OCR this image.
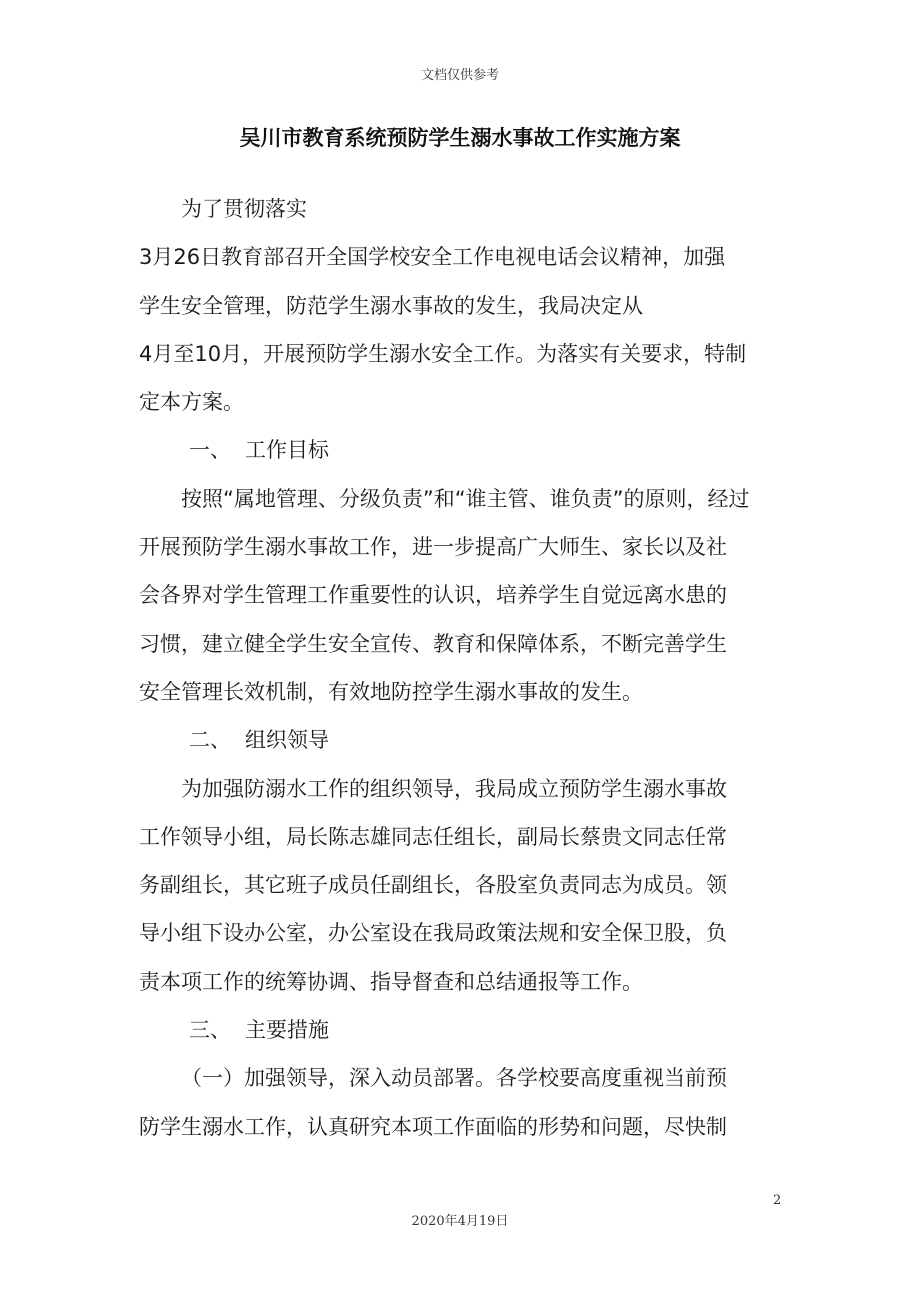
文档仅供参考
吴川市教育系统预防学生溺水事故工作实施方案
为了贯彻落实
3月26日教育部召开全国学校安全工作电视电话会议精神，加强
学生安全管理，防范学生溺水事故的发生，我局决定从
4月至10月，开展预防学生溺水安全工作。为落实有关要求，特制
定本方案。
一、 工作目标
按照“属地管理、分级负责”和“谁主管、谁负责”的原则，经过
开展预防学生溺水事故工作，进一步提高广大师生、家长以及社
会各界对学生管理工作重要性的认识，培养学生自觉远离水患的
习惯，建立健全学生安全宣传、教育和保障体系，不断完善学生
安全管理长效机制，有效地防控学生溺水事故的发生。
二、 组织领导
为加强防溺水工作的组织领导，我局成立预防学生溺水事故
工作领导小组，局长陈志雄同志任组长，副局长蔡贵文同志任常
务副组长，其它班子成员任副组长，各股室负责同志为成员。领
导小组下设办公室，办公室设在我局政策法规和安全保卫股，负
责本项工作的统筹协调、指导督查和总结通报等工作。
三、 主要措施
（一）加强领导，深入动员部署。各学校要高度重视当前预
防学生溺水工作，认真研究本项工作面临的形势和问题，尽快制
2
2020年4月19日
